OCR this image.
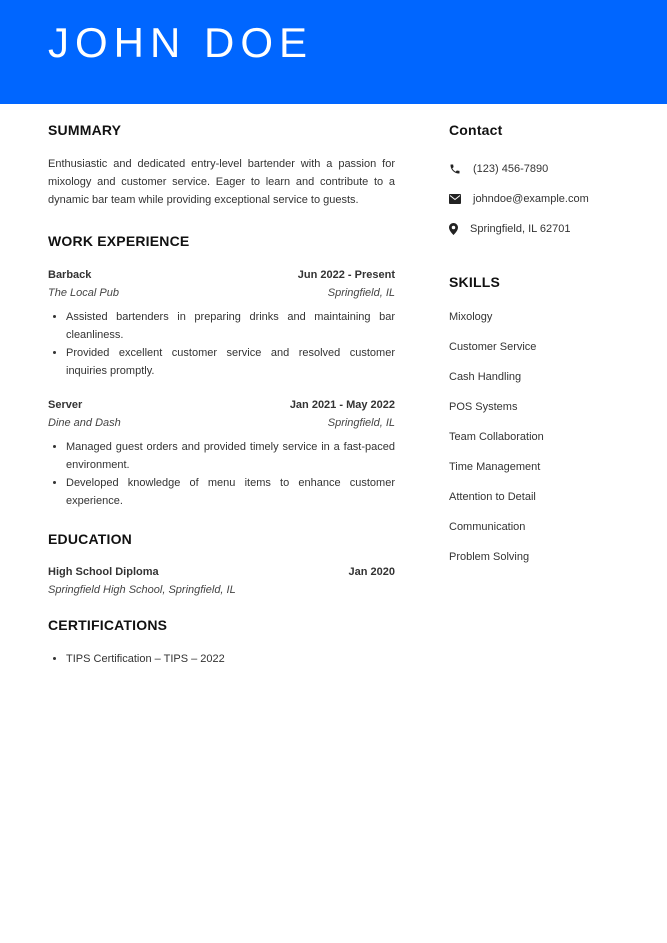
JOHN DOE
SUMMARY

Enthusiastic and dedicated entry-level bartender with a passion for mixology and customer service. Eager to learn and contribute to a dynamic bar team while providing exceptional service to guests.

WORK EXPERIENCE
Barback	Jun 2022 - Present
The Local Pub	Springfield, IL
• Assisted bartenders in preparing drinks and maintaining bar cleanliness.
• Provided excellent customer service and resolved customer inquiries promptly.
Server	Jan 2021 - May 2022
Dine and Dash	Springfield, IL
• Managed guest orders and provided timely service in a fast-paced environment.
• Developed knowledge of menu items to enhance customer experience.
EDUCATION
High School Diploma	Jan 2020
Springfield High School, Springfield, IL
CERTIFICATIONS
• TIPS Certification – TIPS – 2022
Contact
(123) 456-7890
johndoe@example.com
Springfield, IL 62701
SKILLS
Mixology
Customer Service
Cash Handling
POS Systems
Team Collaboration
Time Management
Attention to Detail
Communication
Problem Solving
